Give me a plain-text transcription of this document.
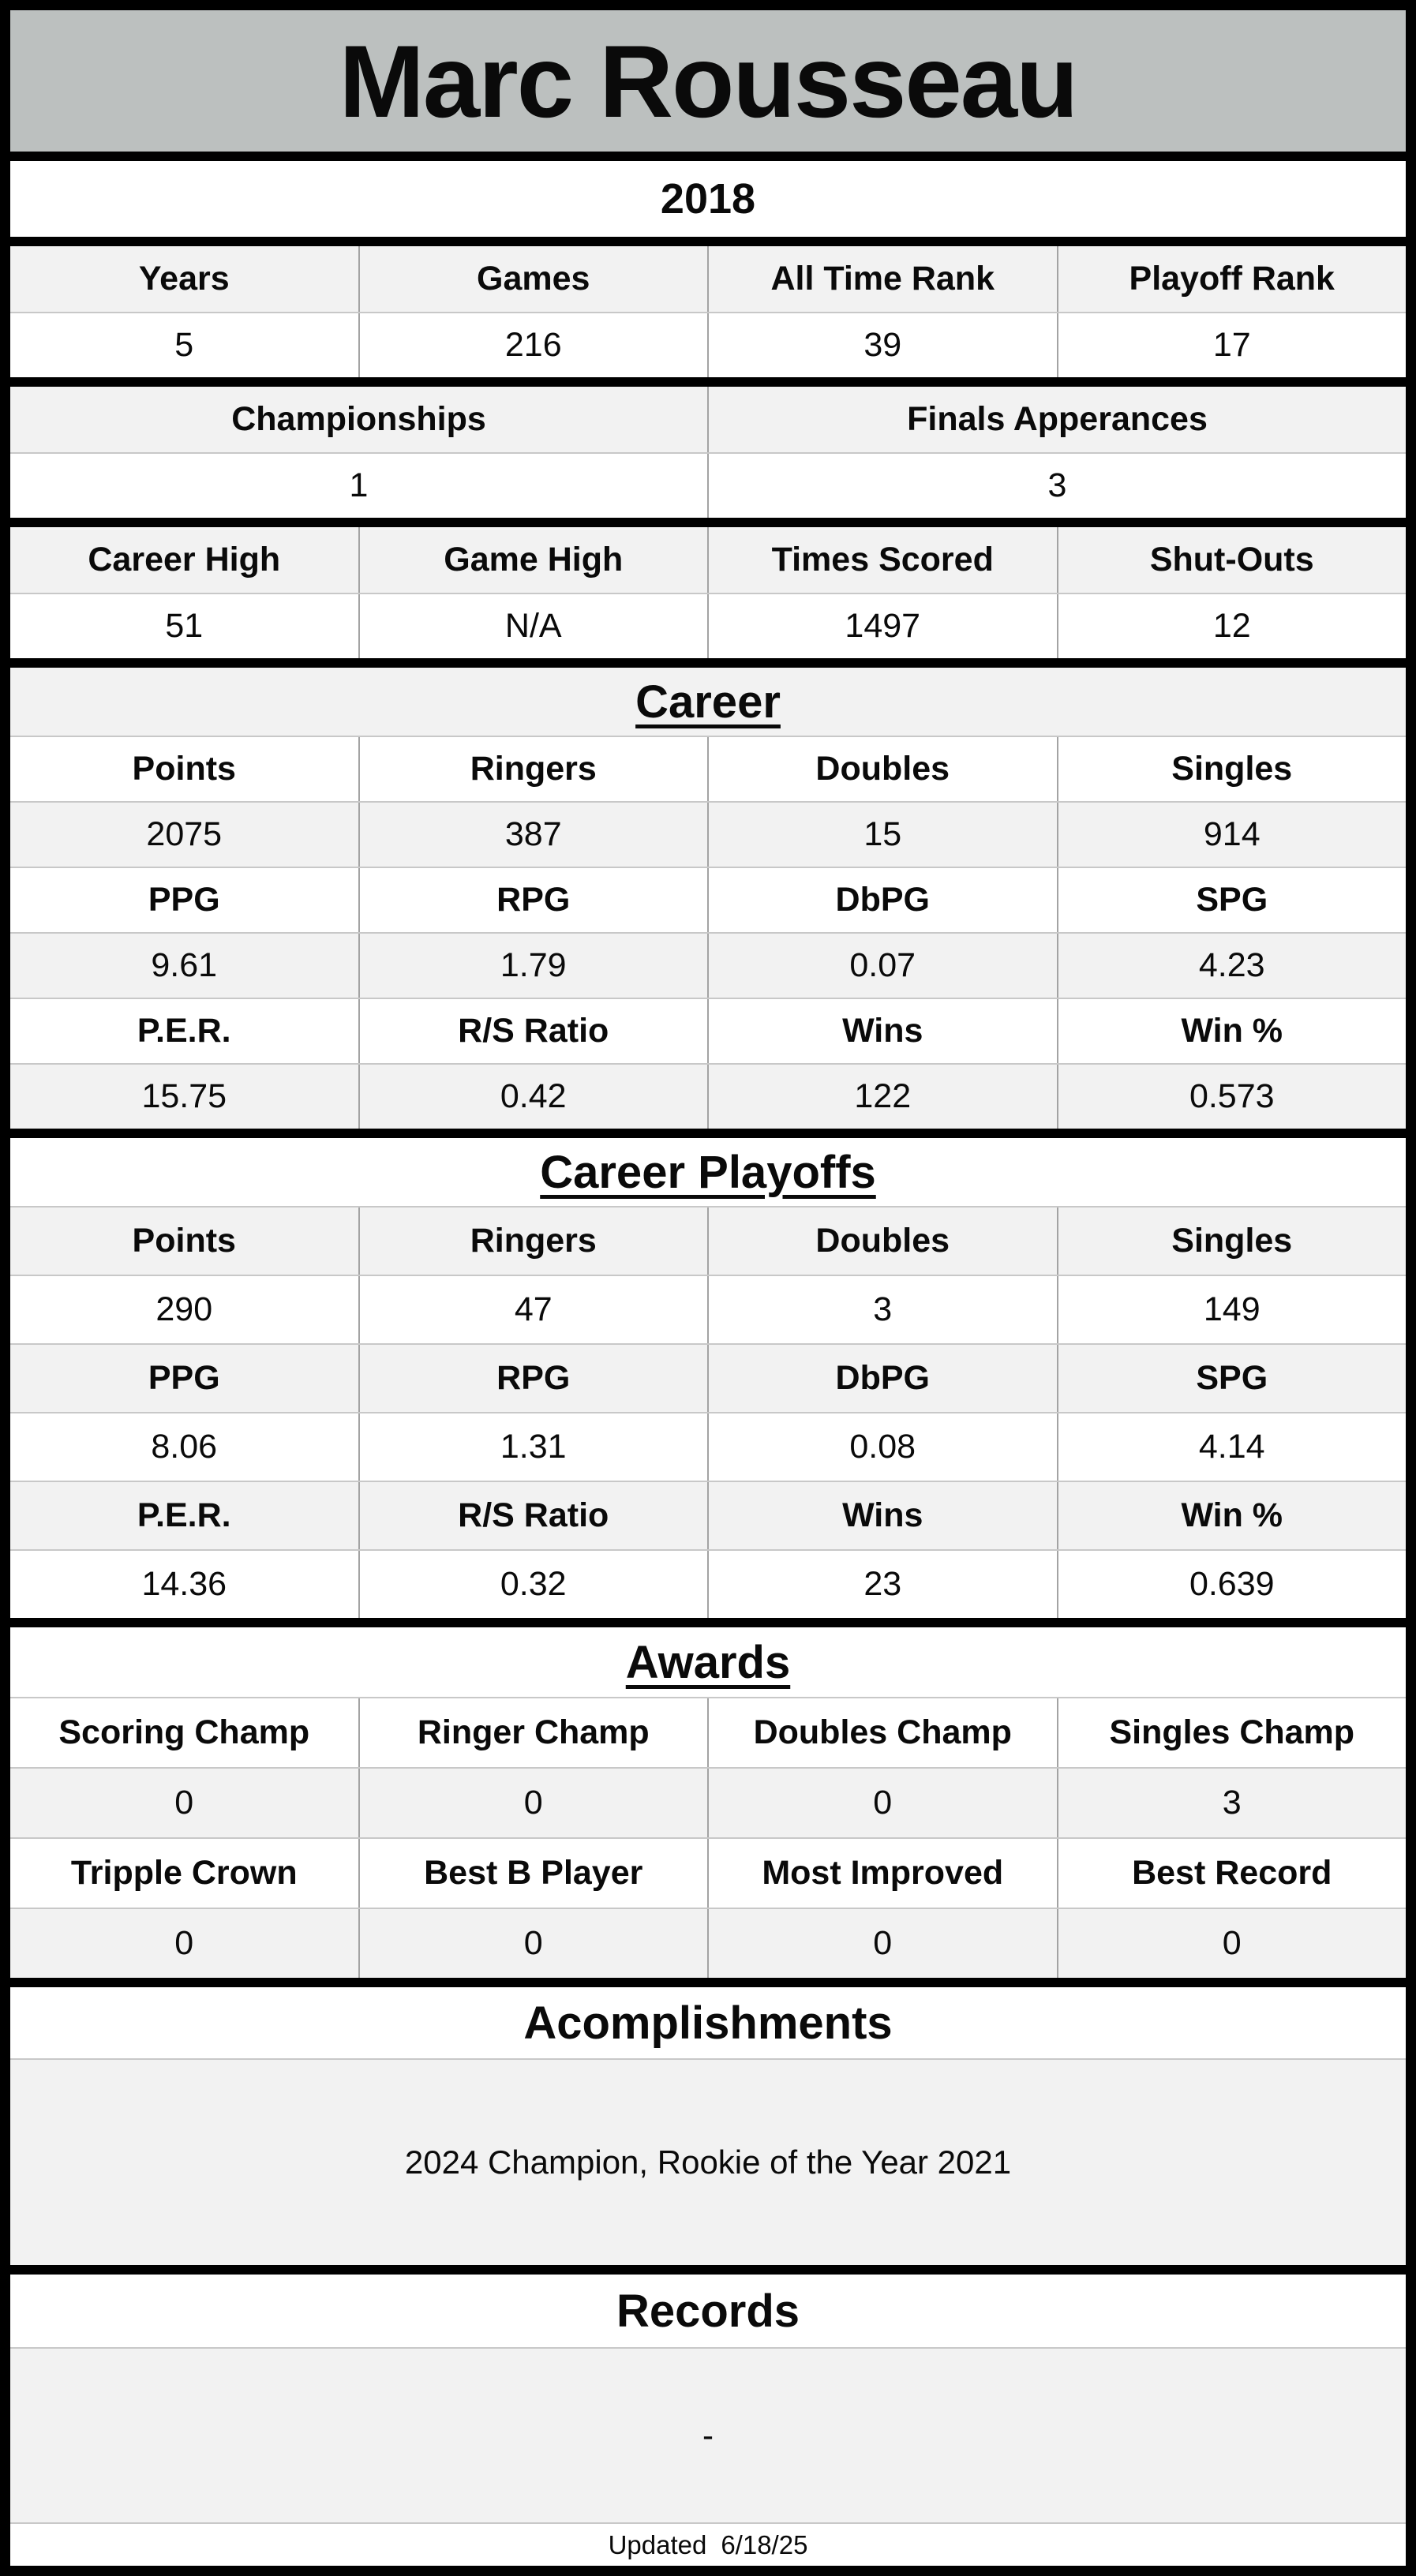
Marc Rousseau
2018
Years	Games	All Time Rank	Playoff Rank
5	216	39	17
Championships	Finals Apperances
1	3
Career High	Game High	Times Scored	Shut-Outs
51	N/A	1497	12
Career
Points	Ringers	Doubles	Singles
2075	387	15	914
PPG	RPG	DbPG	SPG
9.61	1.79	0.07	4.23
P.E.R.	R/S Ratio	Wins	Win %
15.75	0.42	122	0.573
Career Playoffs
Points	Ringers	Doubles	Singles
290	47	3	149
PPG	RPG	DbPG	SPG
8.06	1.31	0.08	4.14
P.E.R.	R/S Ratio	Wins	Win %
14.36	0.32	23	0.639
Awards
Scoring Champ	Ringer Champ	Doubles Champ	Singles Champ
0	0	0	3
Tripple Crown	Best B Player	Most Improved	Best Record
0	0	0	0
Acomplishments
2024 Champion, Rookie of the Year 2021
Records
-
Updated 6/18/25
